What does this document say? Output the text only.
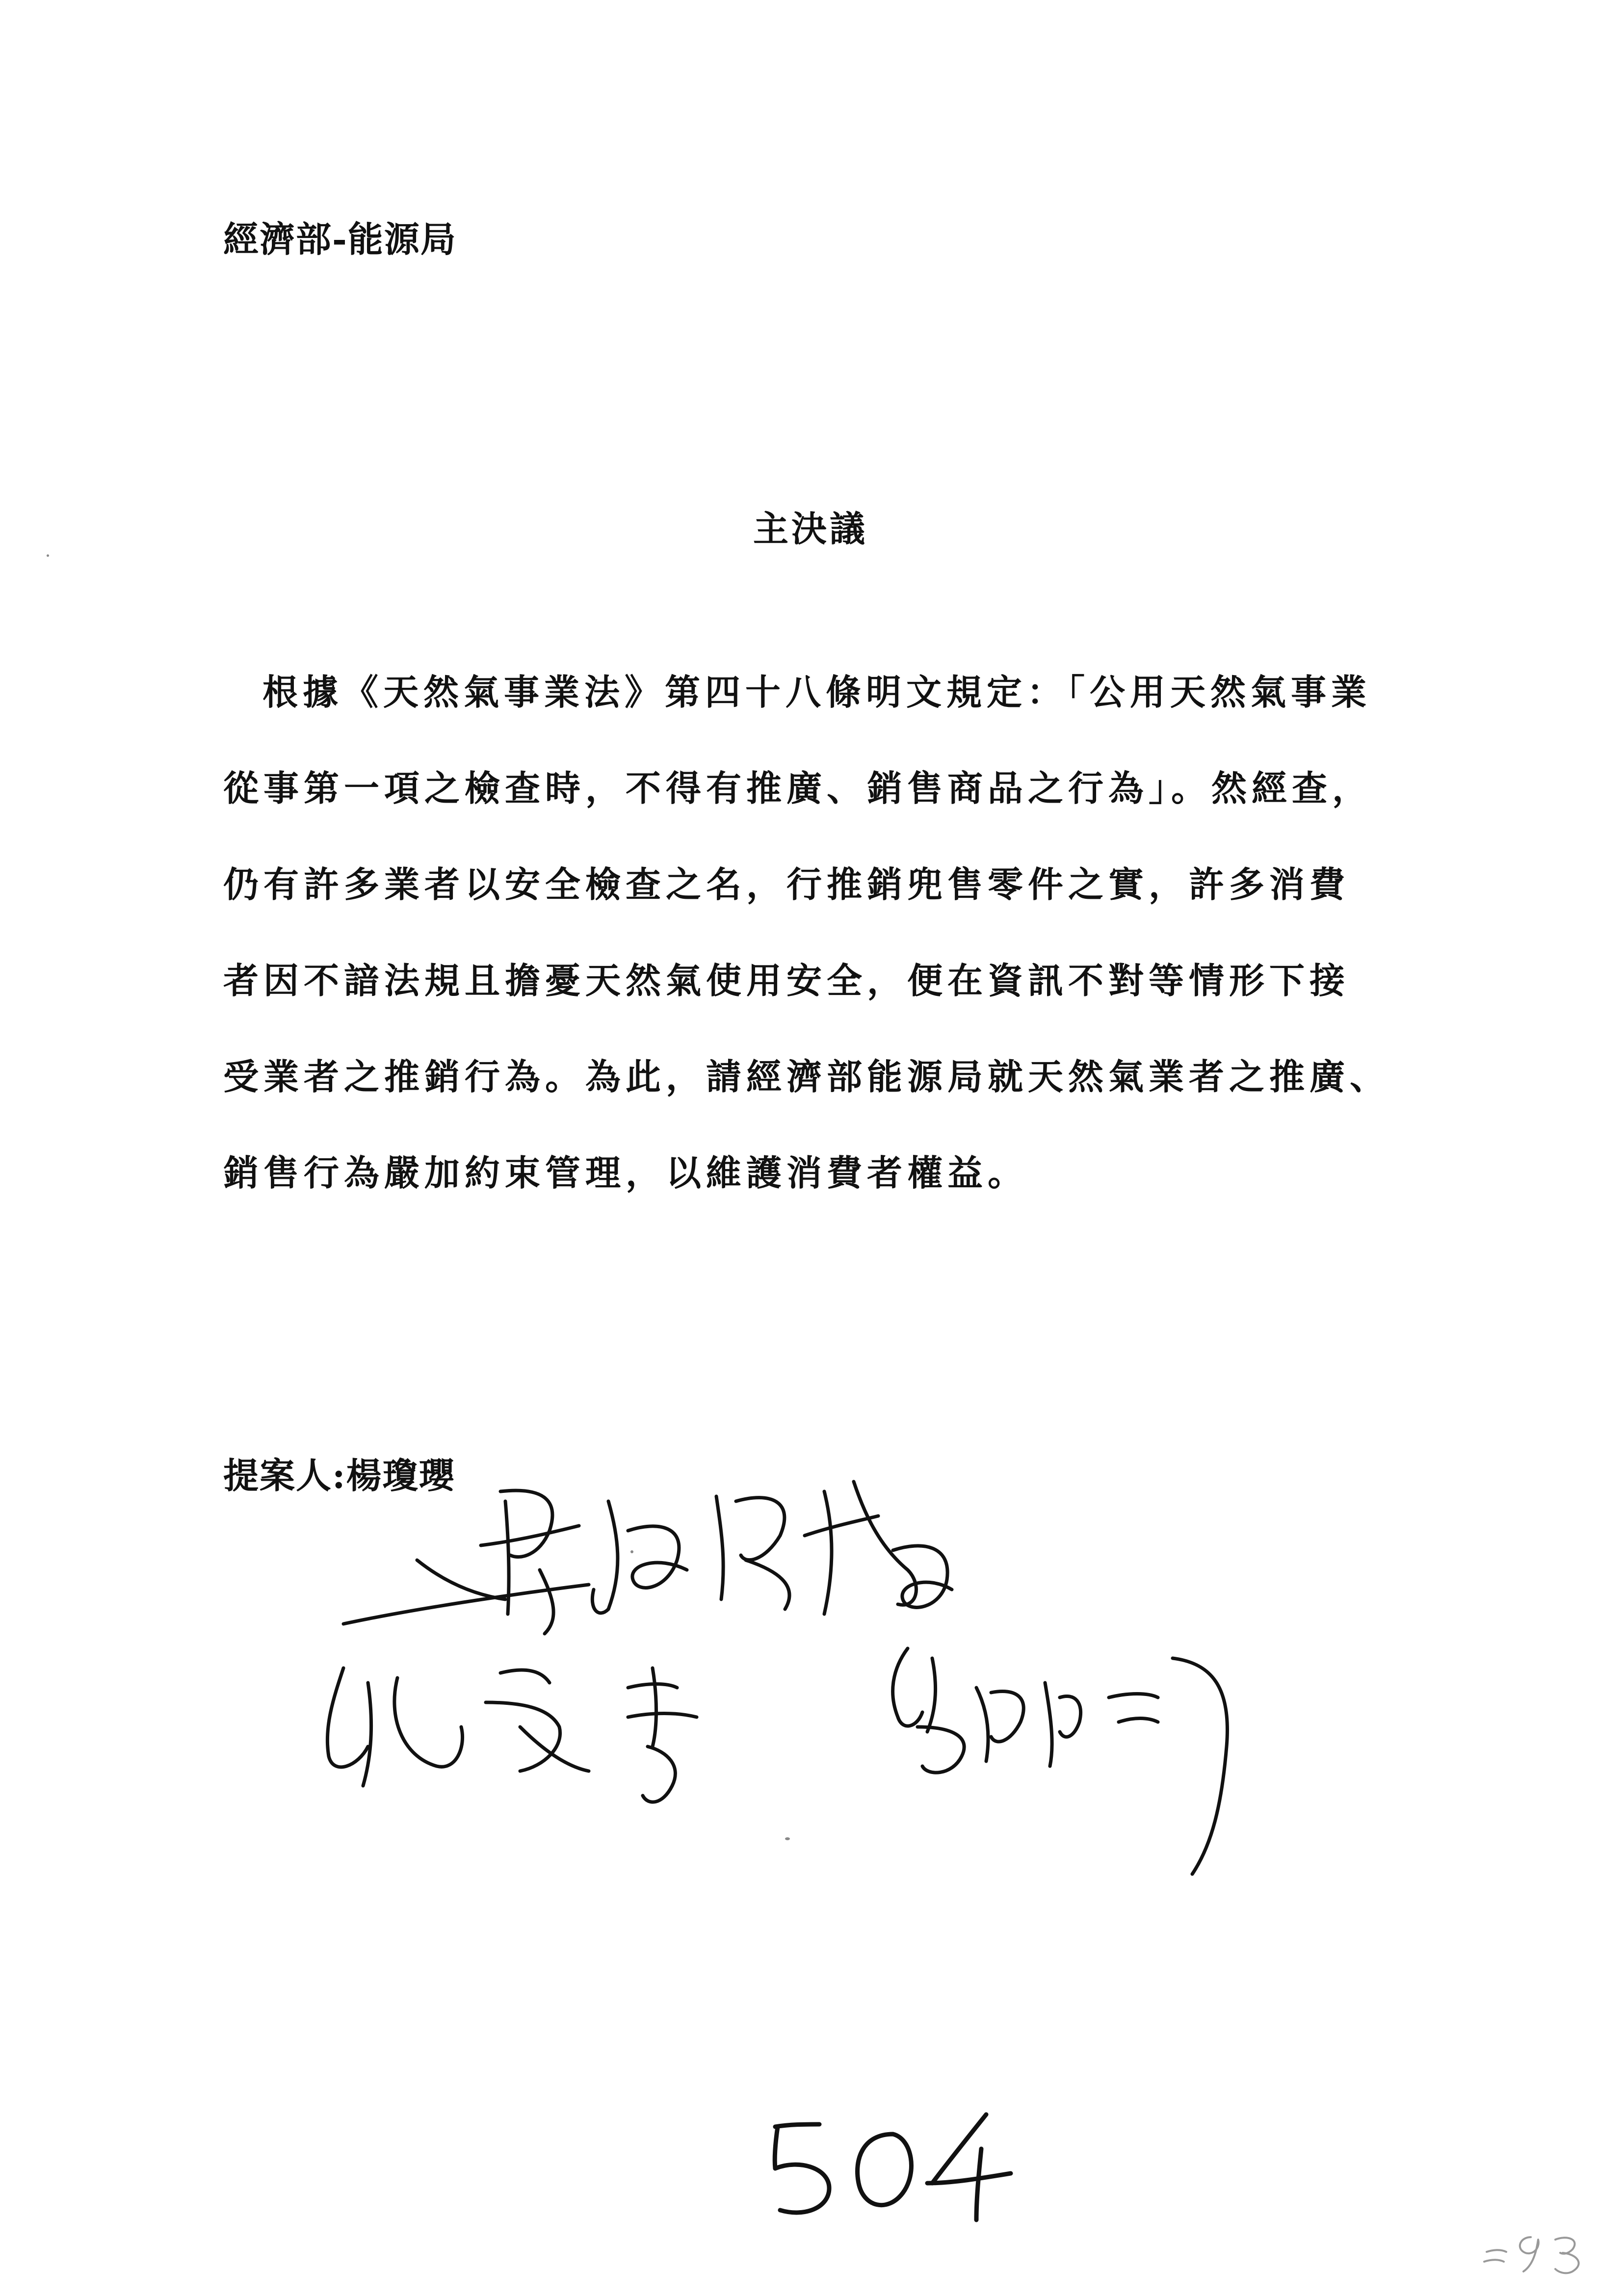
經濟部-能源局

主決議

根據《天然氣事業法》第四十八條明文規定：「公用天然氣事業
從事第一項之檢查時，不得有推廣、銷售商品之行為」。然經查，
仍有許多業者以安全檢查之名，行推銷兜售零件之實，許多消費
者因不諳法規且擔憂天然氣使用安全，便在資訊不對等情形下接
受業者之推銷行為。為此，請經濟部能源局就天然氣業者之推廣、
銷售行為嚴加約束管理，以維護消費者權益。

提案人:楊瓊瓔
